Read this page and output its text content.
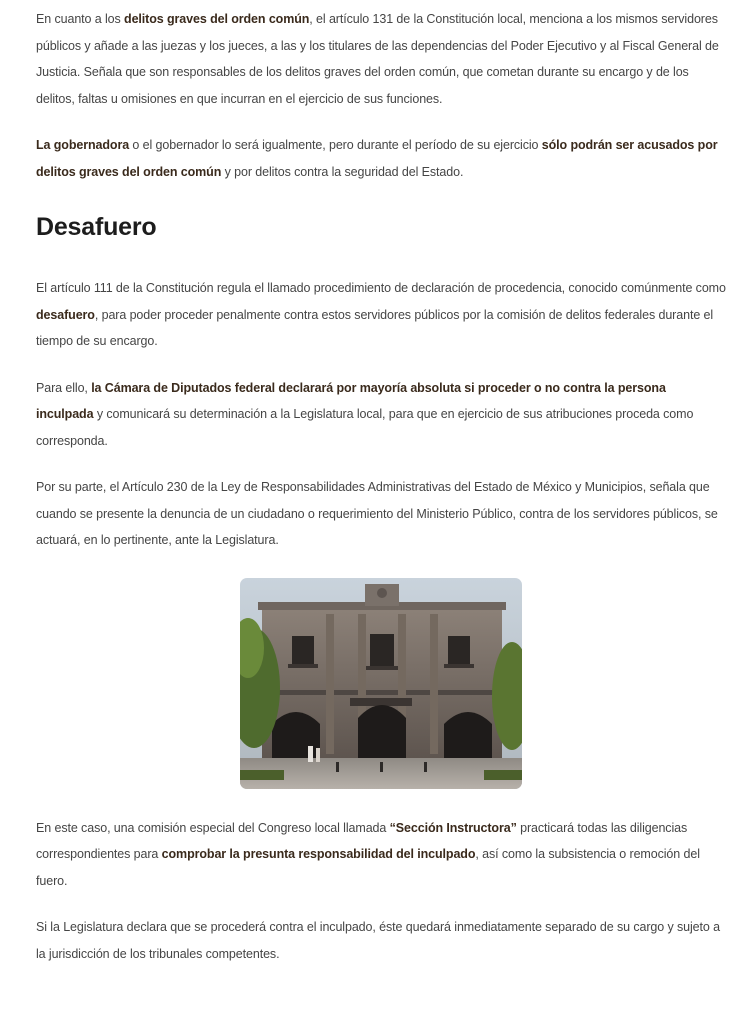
En cuanto a los delitos graves del orden común, el artículo 131 de la Constitución local, menciona a los mismos servidores públicos y añade a las juezas y los jueces, a las y los titulares de las dependencias del Poder Ejecutivo y al Fiscal General de Justicia. Señala que son responsables de los delitos graves del orden común, que cometan durante su encargo y de los delitos, faltas u omisiones en que incurran en el ejercicio de sus funciones.

La gobernadora o el gobernador lo será igualmente, pero durante el período de su ejercicio sólo podrán ser acusados por delitos graves del orden común y por delitos contra la seguridad del Estado.

Desafuero

El artículo 111 de la Constitución regula el llamado procedimiento de declaración de procedencia, conocido comúnmente como desafuero, para poder proceder penalmente contra estos servidores públicos por la comisión de delitos federales durante el tiempo de su encargo.

Para ello, la Cámara de Diputados federal declarará por mayoría absoluta si proceder o no contra la persona inculpada y comunicará su determinación a la Legislatura local, para que en ejercicio de sus atribuciones proceda como corresponda.

Por su parte, el Artículo 230 de la Ley de Responsabilidades Administrativas del Estado de México y Municipios, señala que cuando se presente la denuncia de un ciudadano o requerimiento del Ministerio Público, contra de los servidores públicos, se actuará, en lo pertinente, ante la Legislatura.

En este caso, una comisión especial del Congreso local llamada “Sección Instructora” practicará todas las diligencias correspondientes para comprobar la presunta responsabilidad del inculpado, así como la subsistencia o remoción del fuero.

Si la Legislatura declara que se procederá contra el inculpado, éste quedará inmediatamente separado de su cargo y sujeto a la jurisdicción de los tribunales competentes.
